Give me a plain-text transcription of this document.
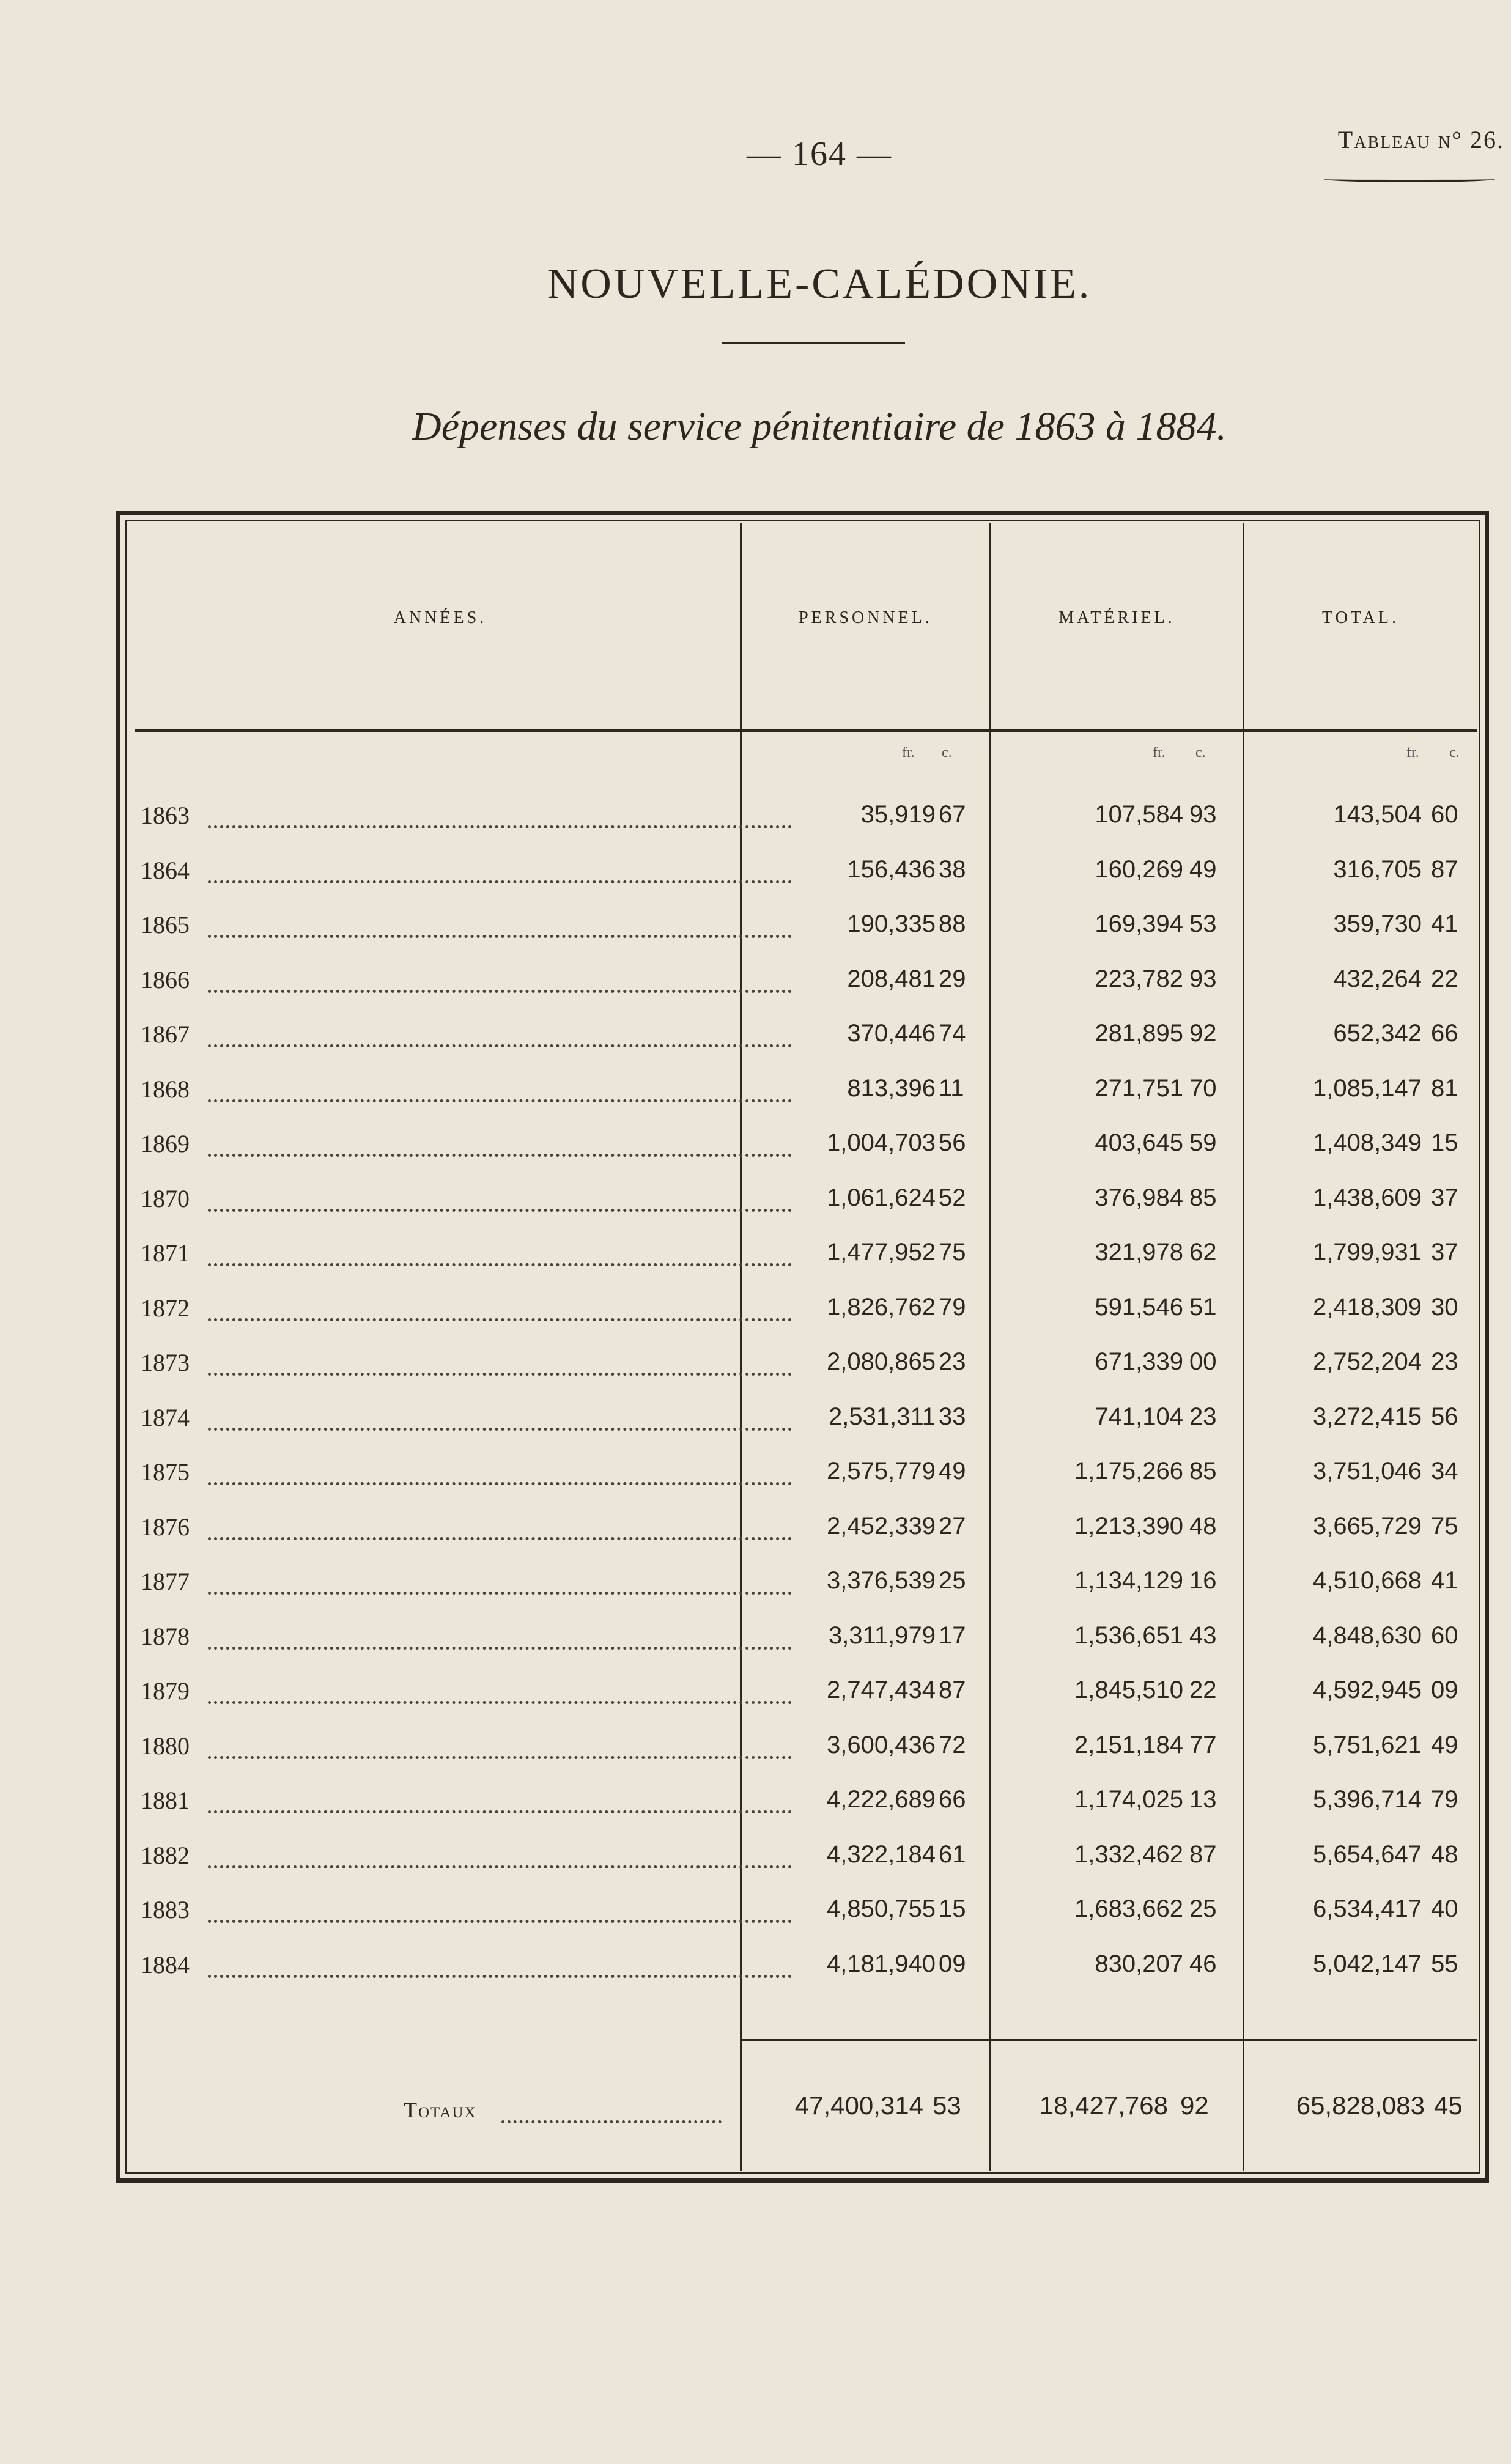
— 164 —	Tableau n° 26.
NOUVELLE-CALÉDONIE.
Dépenses du service pénitentiaire de 1863 à 1884.
ANNÉES.	PERSONNEL.	MATÉRIEL.	TOTAL.
fr. c.	fr. c.	fr. c.
1863	35,919 67	107,584 93	143,504 60
1864	156,436 38	160,269 49	316,705 87
1865	190,335 88	169,394 53	359,730 41
1866	208,481 29	223,782 93	432,264 22
1867	370,446 74	281,895 92	652,342 66
1868	813,396 11	271,751 70	1,085,147 81
1869	1,004,703 56	403,645 59	1,408,349 15
1870	1,061,624 52	376,984 85	1,438,609 37
1871	1,477,952 75	321,978 62	1,799,931 37
1872	1,826,762 79	591,546 51	2,418,309 30
1873	2,080,865 23	671,339 00	2,752,204 23
1874	2,531,311 33	741,104 23	3,272,415 56
1875	2,575,779 49	1,175,266 85	3,751,046 34
1876	2,452,339 27	1,213,390 48	3,665,729 75
1877	3,376,539 25	1,134,129 16	4,510,668 41
1878	3,311,979 17	1,536,651 43	4,848,630 60
1879	2,747,434 87	1,845,510 22	4,592,945 09
1880	3,600,436 72	2,151,184 77	5,751,621 49
1881	4,222,689 66	1,174,025 13	5,396,714 79
1882	4,322,184 61	1,332,462 87	5,654,647 48
1883	4,850,755 15	1,683,662 25	6,534,417 40
1884	4,181,940 09	830,207 46	5,042,147 55
Totaux	47,400,314 53	18,427,768 92	65,828,083 45
